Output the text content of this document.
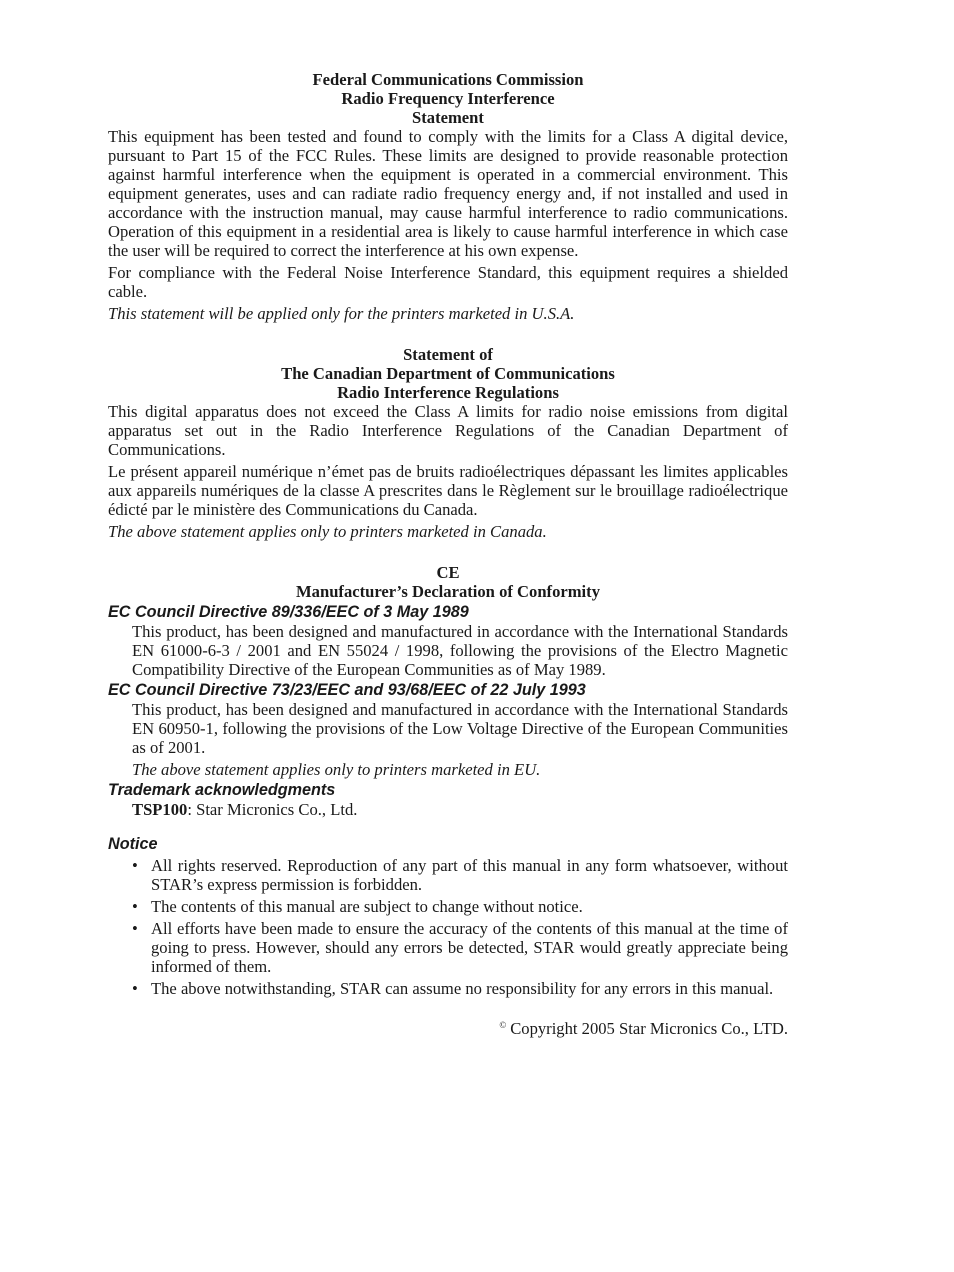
Federal Communications Commission
Radio Frequency Interference
Statement

This equipment has been tested and found to comply with the limits for a Class A digital device, pursuant to Part 15 of the FCC Rules. These limits are designed to provide reasonable protection against harmful interference when the equipment is operated in a commercial environment. This equipment generates, uses and can radiate radio frequency energy and, if not installed and used in accordance with the instruction manual, may cause harmful interference to radio communications. Operation of this equipment in a residential area is likely to cause harmful interference in which case the user will be required to correct the interference at his own expense.

For compliance with the Federal Noise Interference Standard, this equipment requires a shielded cable.

This statement will be applied only for the printers marketed in U.S.A.

Statement of
The Canadian Department of Communications
Radio Interference Regulations

This digital apparatus does not exceed the Class A limits for radio noise emissions from digital apparatus set out in the Radio Interference Regulations of the Canadian Department of Communications.

Le présent appareil numérique n’émet pas de bruits radioélectriques dépassant les limites applicables aux appareils numériques de la classe A prescrites dans le Règlement sur le brouillage radioélectrique édicté par le ministère des Communications du Canada.

The above statement applies only to printers marketed in Canada.

CE
Manufacturer’s Declaration of Conformity
EC Council Directive 89/336/EEC of 3 May 1989

This product, has been designed and manufactured in accordance with the International Standards EN 61000-6-3 / 2001 and EN 55024 / 1998, following the provisions of the Electro Magnetic Compatibility Directive of the European Communities as of May 1989.

EC Council Directive 73/23/EEC and 93/68/EEC of 22 July 1993

This product, has been designed and manufactured in accordance with the International Standards EN 60950-1, following the provisions of the Low Voltage Directive of the European Communities as of 2001.

The above statement applies only to printers marketed in EU.

Trademark acknowledgments

TSP100: Star Micronics Co., Ltd.

Notice
• All rights reserved. Reproduction of any part of this manual in any form whatsoever, without STAR’s express permission is forbidden.
• The contents of this manual are subject to change without notice.
• All efforts have been made to ensure the accuracy of the contents of this manual at the time of going to press. However, should any errors be detected, STAR would greatly appreciate being informed of them.
• The above notwithstanding, STAR can assume no responsibility for any errors in this manual.
© Copyright 2005 Star Micronics Co., LTD.
